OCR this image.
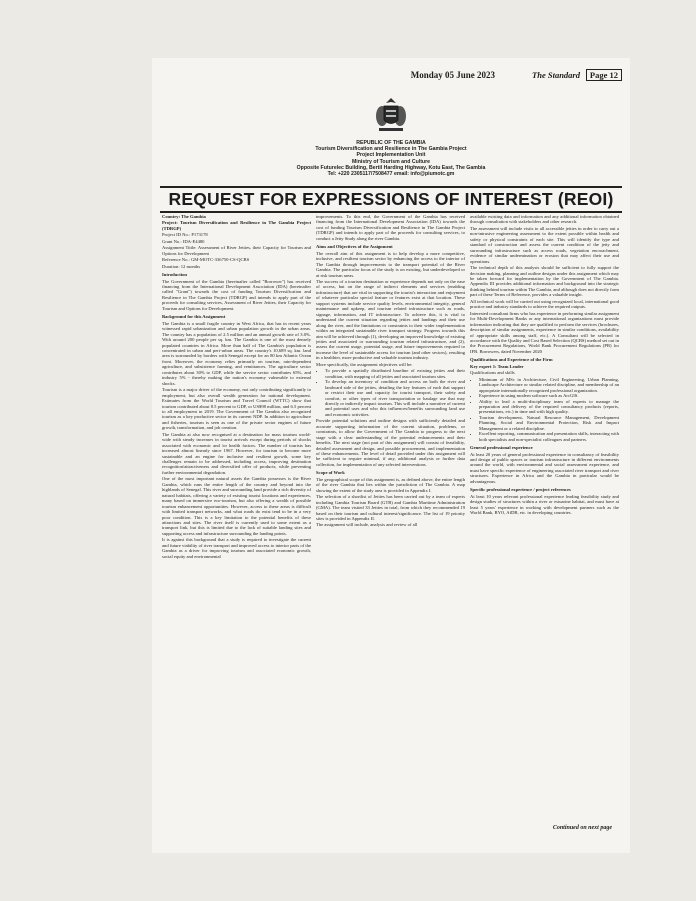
Monday 05 June 2023	The Standard	Page 12
REPUBLIC OF THE GAMBIA
Tourism Diversification and Resilience in The Gambia Project
Project Implementation Unit
Ministry of Tourism and Culture
Opposite Futurelec Building, Bertil Harding Highway, Kotu East, The Gambia
Tel: +220 2305117/7508477 email: info@piumotc.gm
REQUEST FOR EXPRESSIONS OF INTEREST (REOI)

Country: The Gambia

Project: Tourism Diversification and Resilience in The Gambia Project (TDRGP)

Project ID No.: P173178

Grant No.: IDA-E4480

Assignment Tittle: Assessment of River Jetties, their Capacity for Tourism and Options for Development

Reference No.: GM-MOTC-336750-CS-QCBS

Duration: 12 months

Introduction

The Government of the Gambia (hereinafter called "Borrower") has received financing from the International Development Association (IDA) (hereinafter called "Grant") towards the cost of funding Tourism Diversification and Resilience in The Gambia Project (TDRGP) and intends to apply part of the proceeds for consulting services, Assessment of River Jetties, their Capacity for Tourism and Options for Development.

Background for this Assignment

The Gambia is a small fragile country in West Africa, that has in recent years witnessed rapid urbanization and urban population growth in the urban areas. The country has a population of 2.5 million and an annual growth rate of 3.0%. With around 200 people per sq. km. The Gambia is one of the most densely populated countries in Africa. More than half of The Gambia's population is concentrated in urban and peri-urban areas. The country's 10,689 sq. km. land area is surrounded by borders with Senegal except for an 80 km Atlantic Ocean front. Moreover, the economy relies primarily on tourism, rain-dependent agriculture, and subsistence farming, and remittances. The agriculture sector contributes about 30% to GDP, while the service sector contributes 65%, and industry 5% - thereby making the nation's economy vulnerable to external shocks.

Tourism is a major driver of the economy, not only contributing significantly to employment, but also overall wealth generation for national development. Estimates from the World Tourism and Travel Council (WTTC) show that tourism contributed about 8.5 percent to GDP, or US$98 million, and 6.5 percent to all employment in 2019. The Government of The Gambia also recognized tourism as a key productive sector in its current NDP. In addition to agriculture and fisheries, tourism is seen as one of the private sector engines of future growth, transformation, and job creation.

The Gambia at also now recognised at a destination for mass tourism world-wide with steady increases in tourist arrivals except during periods of shocks associated with economic and /or health factors. The number of tourists has increased almost linearly since 1967. However, for tourism to become more sustainable and an engine for inclusive and resilient growth, some key challenges remain to be addressed, including access, improving destination recognition/attractiveness and diversified offer of products, while preventing further environmental degradation.

One of the most important natural assets the Gambia possesses is the River Gambia, which runs the entire length of the country and beyond into the highlands of Senegal. This river and surrounding land provide a rich diversity of natural habitats, offering a variety of existing tourist locations and experiences, many based on immersive eco-tourism, but also offering a wealth of possible tourism enhancement opportunities. However, access to these areas is difficult with limited transport networks, and what roads do exist tend to be in a very poor condition. This is a key limitation to the potential benefits of these attractions and sites. The river itself is currently used to some extent as a transport link, but this is limited due to the lack of suitable landing sites and supporting access and infrastructure surrounding the landing points.

It is against this background that a study is required to investigate the current and future viability of river transport and improved access to interior parts of the Gambia as a driver for improving tourism and associated economic growth, social equity and environmental

improvements. To this end, the Government of the Gambia has received financing from the International Development Association (IDA) towards the cost of funding Tourism Diversification and Resilience in The Gambia Project (TDRGP) and intends to apply part of the proceeds for consulting services, to conduct a Jetty Study along the river Gambia.

Aims and Objectives of the Assignment

The overall aim of this assignment is to help develop a more competitive, inclusive, and resilient tourism sector by enhancing the access to the interior of The Gambia through improvements to the transport potential of the River Gambia. The particular focus of the study is on existing, but underdeveloped or at risk tourism areas.

The success of a tourism destination or experience depends not only on the ease of access, but on the range of indirect elements and services (enabling infrastructure) that are vital in supporting the tourist's interaction and enjoyment of whatever particular special feature or features exist at that location. These support systems include service quality levels, environmental integrity, general maintenance and upkeep, and tourism related infrastructure such as roads, signage, information, and IT infrastructure. To achieve this, it is vital to understand the current situation regarding jetties and landings and their use along the river, and the limitations or constraints to their wider implementation within an integrated sustainable river transport strategy. Progress towards this aim will be achieved through (1), developing an improved knowledge of existing jetties and associated or surrounding tourism related infrastructure, and (2), assess the current usage, potential usage, and future improvements required to increase the level of sustainable access for tourism (and other sectors), resulting in a healthier, more productive and valuable tourism industry.

More specifically, the assignment objectives will be:

• To provide a spatially distributed baseline of existing jetties and their condition, with mapping of all jetties and associated tourism sites.
• To develop an inventory of condition and access on both the river and landward side of the jetties, detailing the key features of each that support or restrict their use and capacity for tourist transport, their safety and comfort, or other types of river transportation or haulage use that may directly or indirectly impact tourism. This will include a narrative of current and potential uses and who this influences/benefits surrounding land use and economic activities.

Provide potential solutions and outline designs with sufficiently detailed and accurate supporting information of the current situation, problems, or constraints, to allow the Government of The Gambia to progress to the next stage with a clear understanding of the potential enhancements and their benefits. The next stage (not part of this assignment) will consist of feasibility, detailed assessment and design, and possible procurement, and implementation of these enhancements. The level of detail provided under this assignment will be sufficient to require minimal, if any, additional analysis or further data collection, for implementation of any selected interventions.

Scope of Work

The geographical scope of this assignment is, as defined above, the entire length of the river Gambia that lies within the jurisdiction of The Gambia. A map showing the extent of the study area is provided in Appendix I.

The selection of a shortlist of Jetties has been carried out by a team of experts including Gambia Tourism Board (GTB) and Gambia Maritime Administration (GMA). The team visited 33 Jetties in total, from which they recommended 19 based on their tourism and cultural interest/significance. The list of 19 priority sites is provided in Appendix II.

The assignment will include, analysis and review of all

available existing data and information and any additional information obtained through consultation with stakeholders and other research.

The assessment will include visits to all accessible jetties in order to carry out a non-intrusive engineering assessment to the extent possible within health and safety or physical constraints of each site. This will identify the type and standard of construction and assess the current condition of the jetty and surrounding infrastructure such as access roads, vegetation encroachment, evidence of similar undermination or erosion that may affect their use and operations.

The technical depth of this analysis should be sufficient to fully support the decision making, planning and outline designs under this assignment which may be taken forward for implementation by the Government of The Gambia. Appendix III provides additional information and background into the strategic thinking behind tourism within The Gambia, and although does not directly form part of these Terms of Reference, provides a valuable insight.

All technical work will be carried out using recognized local, international good practice and industry standards to achieve the required outputs.

Interested consultant firms who has experience in performing similar assignment for Multi-Development Banks or any international organizations must provide information indicating that they are qualified to perform the services (brochures, description of similar assignments, experience in similar conditions, availability of appropriate skills among staff, etc.). A Consultant will be selected in accordance with the Quality and Cost Based Selection (QCBS) method set out in the Procurement Regulations, World Bank Procurement Regulations (PR) for IFB. Borrowers, dated November 2020

Qualifications and Experience of the Firm

Key expert 1: Team Leader

Qualifications and skills

• Minimum of MSc in Architecture, Civil Engineering, Urban Planning, Landscape Architecture or similar related discipline, and membership of an appropriate internationally recognized professional organization.
• Experience in using modern software such as ArcGIS.
• Ability to lead a multi-disciplinary team of experts to manage the preparation and delivery of the required consultancy products (reports, presentations, etc.) in time and with high quality.
• Tourism development, Natural Resource Management, Development Planning, Social and Environmental Protection, Risk and Impact Management or a related discipline.
• Excellent reporting, communication and presentation skills, interacting with both specialists and non-specialist colleagues and partners.

General professional experience

At least 20 years of general professional experience in consultancy of feasibility and design of public spaces or tourism infrastructure in different environments around the world, with environmental and social assessment experience, and must have specific experience of engineering associated river transport and river structures. Experience in Africa and the Gambia in particular would be advantageous.

Specific professional experience / project references

At least 10 years relevant professional experience leading feasibility study and design studies of structures within a river or estuarine habitat, and must have at least 5 years' experience in working with development partners such as the World Bank, BYO, AfDB, etc. in developing countries.

Continued on next page
